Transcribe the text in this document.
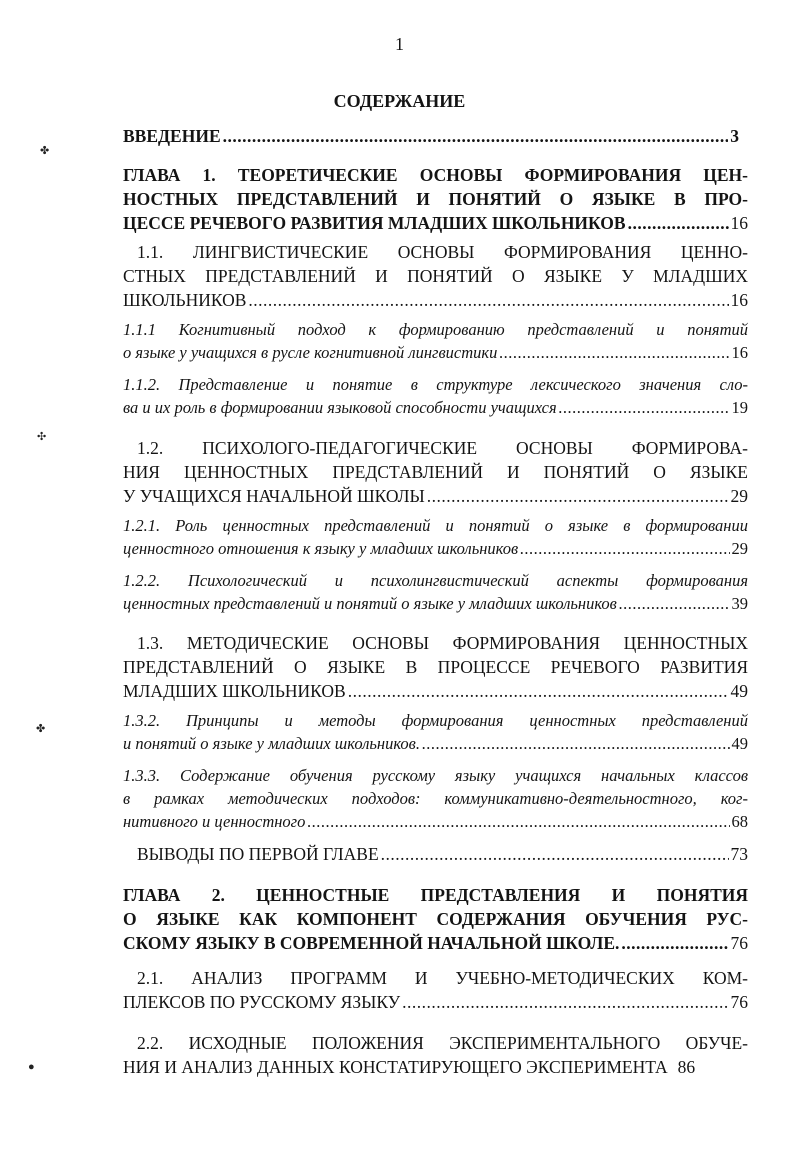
1
СОДЕРЖАНИЕ
✤
✣
✤
●
ВВЕДЕНИЕ .....	3
ГЛАВА 1. ТЕОРЕТИЧЕСКИЕ ОСНОВЫ ФОРМИРОВАНИЯ ЦЕН-
НОСТНЫХ ПРЕДСТАВЛЕНИЙ И ПОНЯТИЙ О ЯЗЫКЕ В ПРО-
ЦЕССЕ РЕЧЕВОГО РАЗВИТИЯ МЛАДШИХ ШКОЛЬНИКОВ .....	16
1.1. ЛИНГВИСТИЧЕСКИЕ ОСНОВЫ ФОРМИРОВАНИЯ ЦЕННО-
СТНЫХ ПРЕДСТАВЛЕНИЙ И ПОНЯТИЙ О ЯЗЫКЕ У МЛАДШИХ
ШКОЛЬНИКОВ .....	16
1.1.1 Когнитивный подход к формированию представлений и понятий
о языке у учащихся в русле когнитивной лингвистики .....	16
1.1.2. Представление и понятие в структуре лексического значения сло-
ва и их роль в формировании языковой способности учащихся .....	19
1.2. ПСИХОЛОГО-ПЕДАГОГИЧЕСКИЕ ОСНОВЫ ФОРМИРОВА-
НИЯ ЦЕННОСТНЫХ ПРЕДСТАВЛЕНИЙ И ПОНЯТИЙ О ЯЗЫКЕ
У УЧАЩИХСЯ НАЧАЛЬНОЙ ШКОЛЫ .....	29
1.2.1. Роль ценностных представлений и понятий о языке в формировании
ценностного отношения к языку у младших школьников .....	29
1.2.2. Психологический и психолингвистический аспекты формирования
ценностных представлений и понятий о языке у младших школьников .....	39
1.3. МЕТОДИЧЕСКИЕ ОСНОВЫ ФОРМИРОВАНИЯ ЦЕННОСТНЫХ
ПРЕДСТАВЛЕНИЙ О ЯЗЫКЕ В ПРОЦЕССЕ РЕЧЕВОГО РАЗВИТИЯ
МЛАДШИХ ШКОЛЬНИКОВ .....	49
1.3.2. Принципы и методы формирования ценностных представлений
и понятий о языке у младших школьников. .....	49
1.3.3. Содержание обучения русскому языку учащихся начальных классов
в рамках методических подходов: коммуникативно-деятельностного, ког-
нитивного и ценностного .....	68
ВЫВОДЫ ПО ПЕРВОЙ ГЛАВЕ .....	73
ГЛАВА 2. ЦЕННОСТНЫЕ ПРЕДСТАВЛЕНИЯ И ПОНЯТИЯ
О ЯЗЫКЕ КАК КОМПОНЕНТ СОДЕРЖАНИЯ ОБУЧЕНИЯ РУС-
СКОМУ ЯЗЫКУ В СОВРЕМЕННОЙ НАЧАЛЬНОЙ ШКОЛЕ. .....	76
2.1. АНАЛИЗ ПРОГРАММ И УЧЕБНО-МЕТОДИЧЕСКИХ КОМ-
ПЛЕКСОВ ПО РУССКОМУ ЯЗЫКУ .....	76
2.2. ИСХОДНЫЕ ПОЛОЖЕНИЯ ЭКСПЕРИМЕНТАЛЬНОГО ОБУЧЕ-
НИЯ И АНАЛИЗ ДАННЫХ КОНСТАТИРУЮЩЕГО ЭКСПЕРИМЕНТА 86
